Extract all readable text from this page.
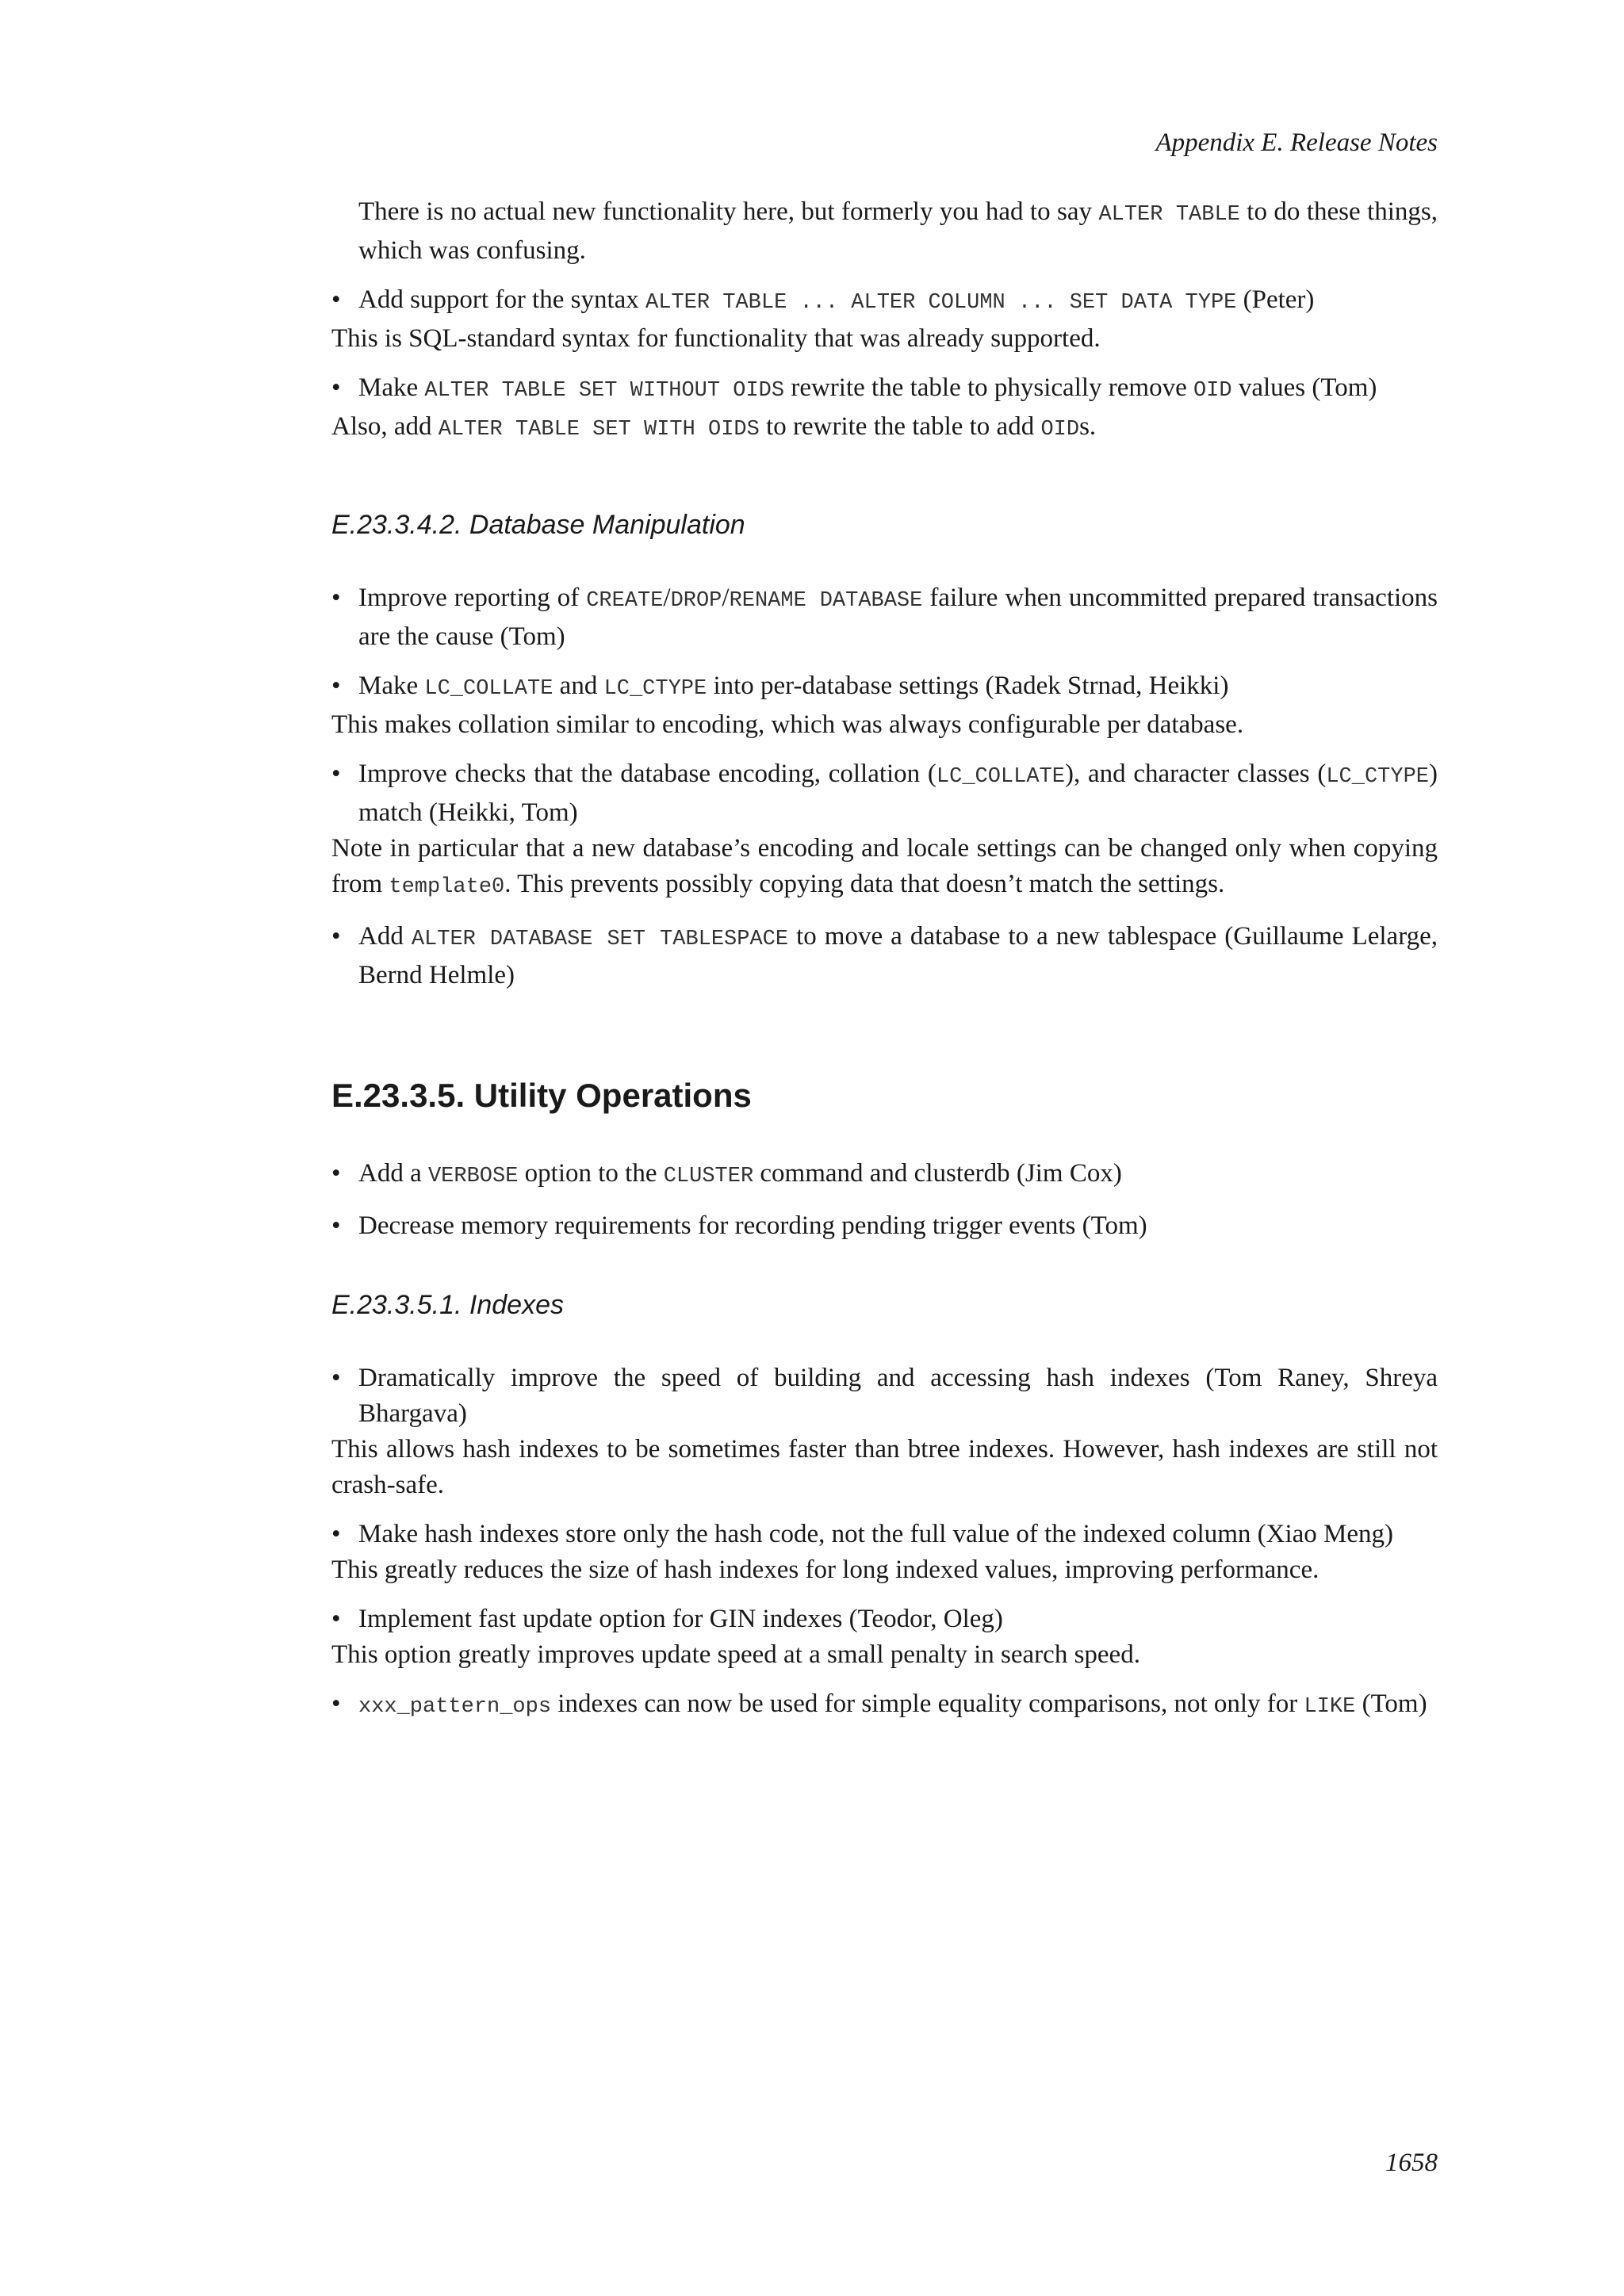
Appendix E. Release Notes

There is no actual new functionality here, but formerly you had to say ALTER TABLE to do these things, which was confusing.

• Add support for the syntax ALTER TABLE ... ALTER COLUMN ... SET DATA TYPE (Peter)

This is SQL-standard syntax for functionality that was already supported.

• Make ALTER TABLE SET WITHOUT OIDS rewrite the table to physically remove OID values (Tom)

Also, add ALTER TABLE SET WITH OIDS to rewrite the table to add OIDs.

E.23.3.4.2. Database Manipulation
• Improve reporting of CREATE/DROP/RENAME DATABASE failure when uncommitted prepared transactions are the cause (Tom)
• Make LC_COLLATE and LC_CTYPE into per-database settings (Radek Strnad, Heikki)

This makes collation similar to encoding, which was always configurable per database.

• Improve checks that the database encoding, collation (LC_COLLATE), and character classes (LC_CTYPE) match (Heikki, Tom)

Note in particular that a new database’s encoding and locale settings can be changed only when copying from template0. This prevents possibly copying data that doesn’t match the settings.

• Add ALTER DATABASE SET TABLESPACE to move a database to a new tablespace (Guillaume Lelarge, Bernd Helmle)
E.23.3.5. Utility Operations
• Add a VERBOSE option to the CLUSTER command and clusterdb (Jim Cox)
• Decrease memory requirements for recording pending trigger events (Tom)
E.23.3.5.1. Indexes
• Dramatically improve the speed of building and accessing hash indexes (Tom Raney, Shreya Bhargava)

This allows hash indexes to be sometimes faster than btree indexes. However, hash indexes are still not crash-safe.

• Make hash indexes store only the hash code, not the full value of the indexed column (Xiao Meng)

This greatly reduces the size of hash indexes for long indexed values, improving performance.

• Implement fast update option for GIN indexes (Teodor, Oleg)

This option greatly improves update speed at a small penalty in search speed.

• xxx_pattern_ops indexes can now be used for simple equality comparisons, not only for LIKE (Tom)
1658
